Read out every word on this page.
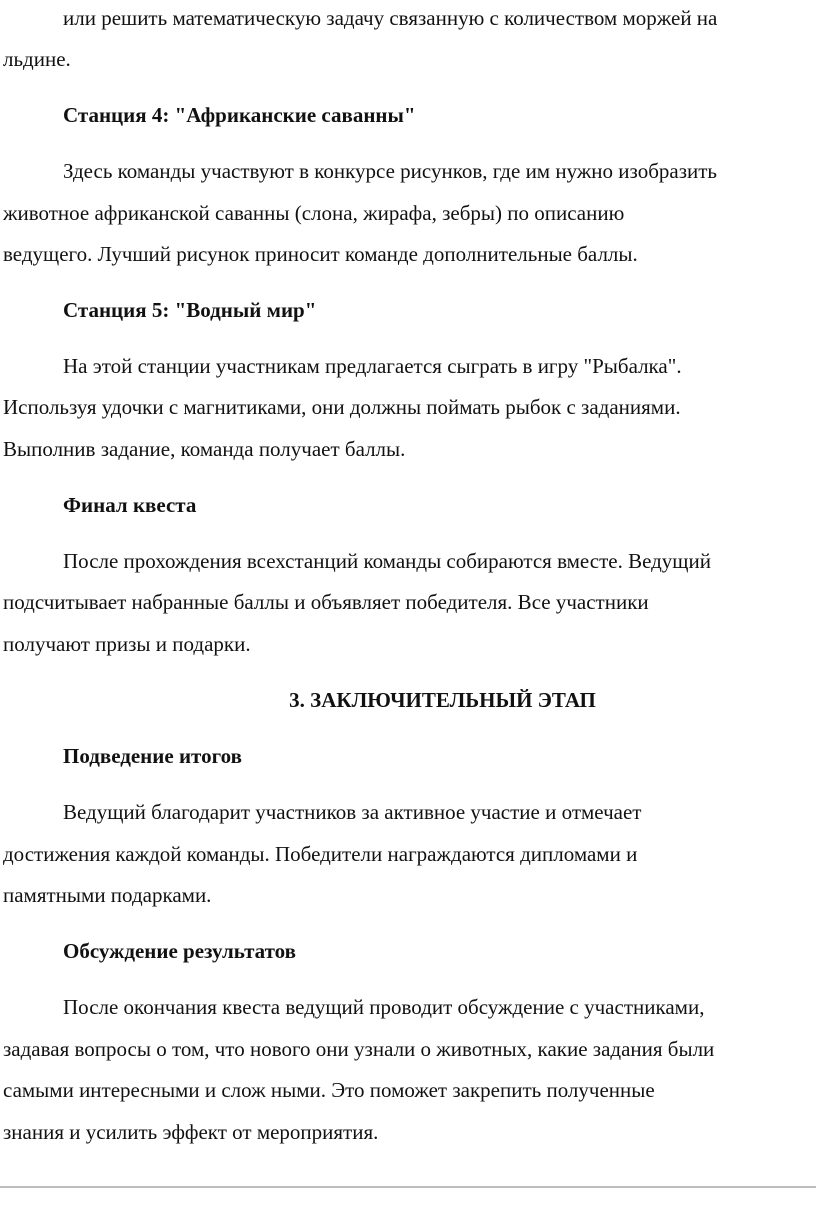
или решить математическую задачу связанную с количеством моржей на
льдине.
Станция 4: "Африканские саванны"
Здесь команды участвуют в конкурсе рисунков, где им нужно изобразить
животное африканской саванны (слона, жирафа, зебры) по описанию
ведущего. Лучший рисунок приносит команде дополнительные баллы.
Станция 5: "Водный мир"
На этой станции участникам предлагается сыграть в игру "Рыбалка".
Используя удочки с магнитиками, они должны поймать рыбок с заданиями.
Выполнив задание, команда получает баллы.
Финал квеста
После прохождения всехстанций команды собираются вместе. Ведущий
подсчитывает набранные баллы и объявляет победителя. Все участники
получают призы и подарки.
3. ЗАКЛЮЧИТЕЛЬНЫЙ ЭТАП
Подведение итогов
Ведущий благодарит участников за активное участие и отмечает
достижения каждой команды. Победители награждаются дипломами и
памятными подарками.
Обсуждение результатов
После окончания квеста ведущий проводит обсуждение с участниками,
задавая вопросы о том, что нового они узнали о животных, какие задания были
самыми интересными и слож ными. Это поможет закрепить полученные
знания и усилить эффект от мероприятия.
